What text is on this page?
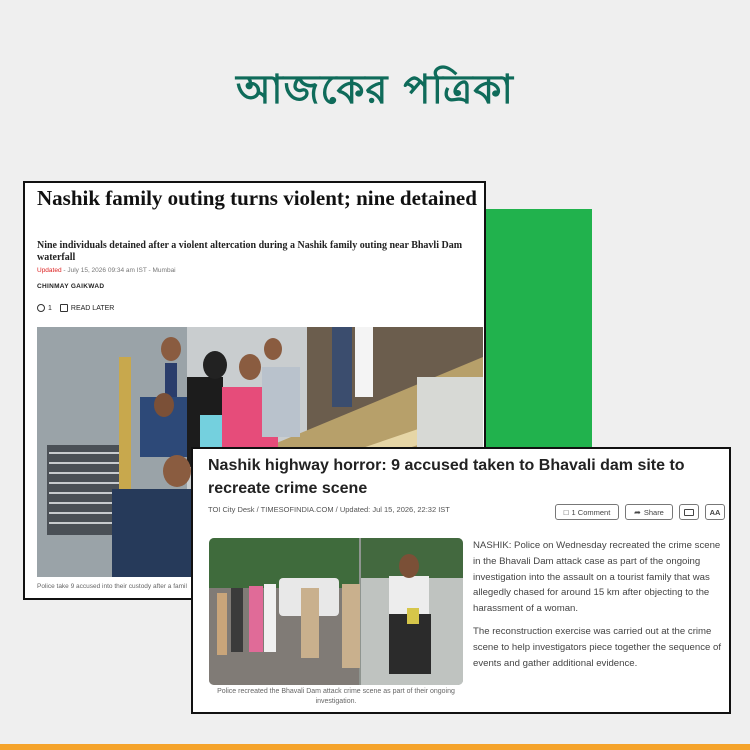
আজকের পত্রিকা
Nashik family outing turns violent; nine detained
Nine individuals detained after a violent altercation during a Nashik family outing near Bhavli Dam waterfall
Updated - July 15, 2026 09:34 am IST - Mumbai
CHINMAY GAIKWAD
1	READ LATER
Police take 9 accused into their custody after a famil
Nashik highway horror: 9 accused taken to Bhavali dam site to recreate crime scene
TOI City Desk / TIMESOFINDIA.COM / Updated: Jul 15, 2026, 22:32 IST	□ 1 Comment	➦ Share	AA
Police recreated the Bhavali Dam attack crime scene as part of their ongoing investigation.

NASHIK: Police on Wednesday recreated the crime scene in the Bhavali Dam attack case as part of the ongoing investigation into the assault on a tourist family that was allegedly chased for around 15 km after objecting to the harassment of a woman.

The reconstruction exercise was carried out at the crime scene to help investigators piece together the sequence of events and gather additional evidence.
